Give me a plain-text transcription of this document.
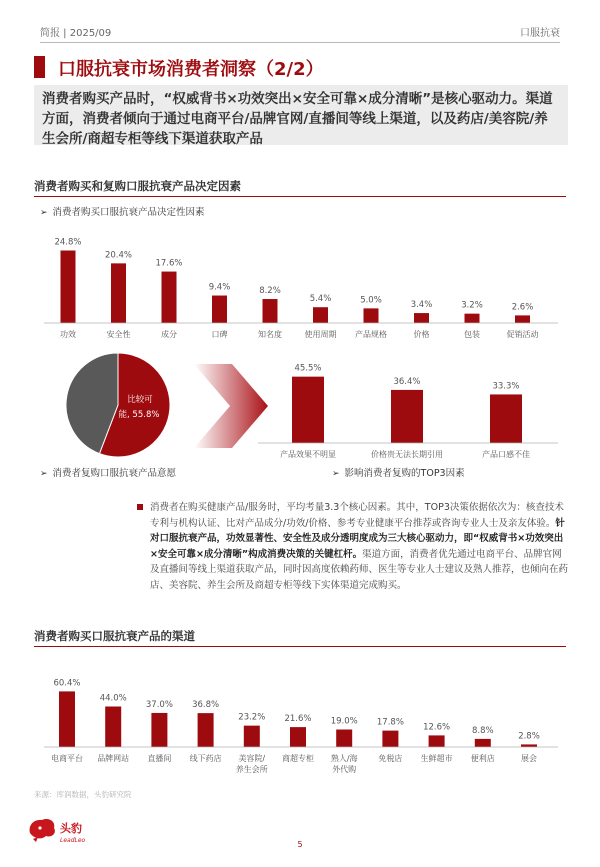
简报 | 2025/09	口服抗衰
口服抗衰市场消费者洞察（2/2）
消费者购买产品时，“权威背书×功效突出×安全可靠×成分清晰”是核心驱动力。渠道方面，消费者倾向于通过电商平台/品牌官网/直播间等线上渠道，以及药店/美容院/养生会所/商超专柜等线下渠道获取产品
消费者购买和复购口服抗衰产品决定因素
➢ 消费者购买口服抗衰产品决定性因素
24.8%
功效
20.4%
安全性
17.6%
成分
9.4%
口碑
8.2%
知名度
5.4%
使用周期
5.0%
产品规格
3.4%
价格
3.2%
包装
2.6%
促销活动
比较可
能, 55.8%
➢ 消费者复购口服抗衰产品意愿
45.5%
产品效果不明显
36.4%
价格贵无法长期引用
33.3%
产品口感不佳
➢ 影响消费者复购的TOP3因素
消费者在购买健康产品/服务时，平均考量3.3个核心因素。其中，TOP3决策依据依次为：核查技术专利与机构认证、比对产品成分/功效/价格、参考专业健康平台推荐或咨询专业人士及亲友体验。针对口服抗衰产品，功效显著性、安全性及成分透明度成为三大核心驱动力，即“权威背书×功效突出×安全可靠×成分清晰”构成消费决策的关键杠杆。渠道方面，消费者优先通过电商平台、品牌官网及直播间等线上渠道获取产品，同时因高度依赖药师、医生等专业人士建议及熟人推荐，也倾向在药店、美容院、养生会所及商超专柜等线下实体渠道完成购买。
消费者购买口服抗衰产品的渠道
60.4%
电商平台
44.0%
品牌网站
37.0%
直播间
36.8%
线下药店
23.2%
美容院/
养生会所
21.6%
商超专柜
19.0%
熟人/海
外代购
17.8%
免税店
12.6%
生鲜超市
8.8%
便利店
2.8%
展会
来源：库润数据，头豹研究院
头豹
LeadLeo	5
